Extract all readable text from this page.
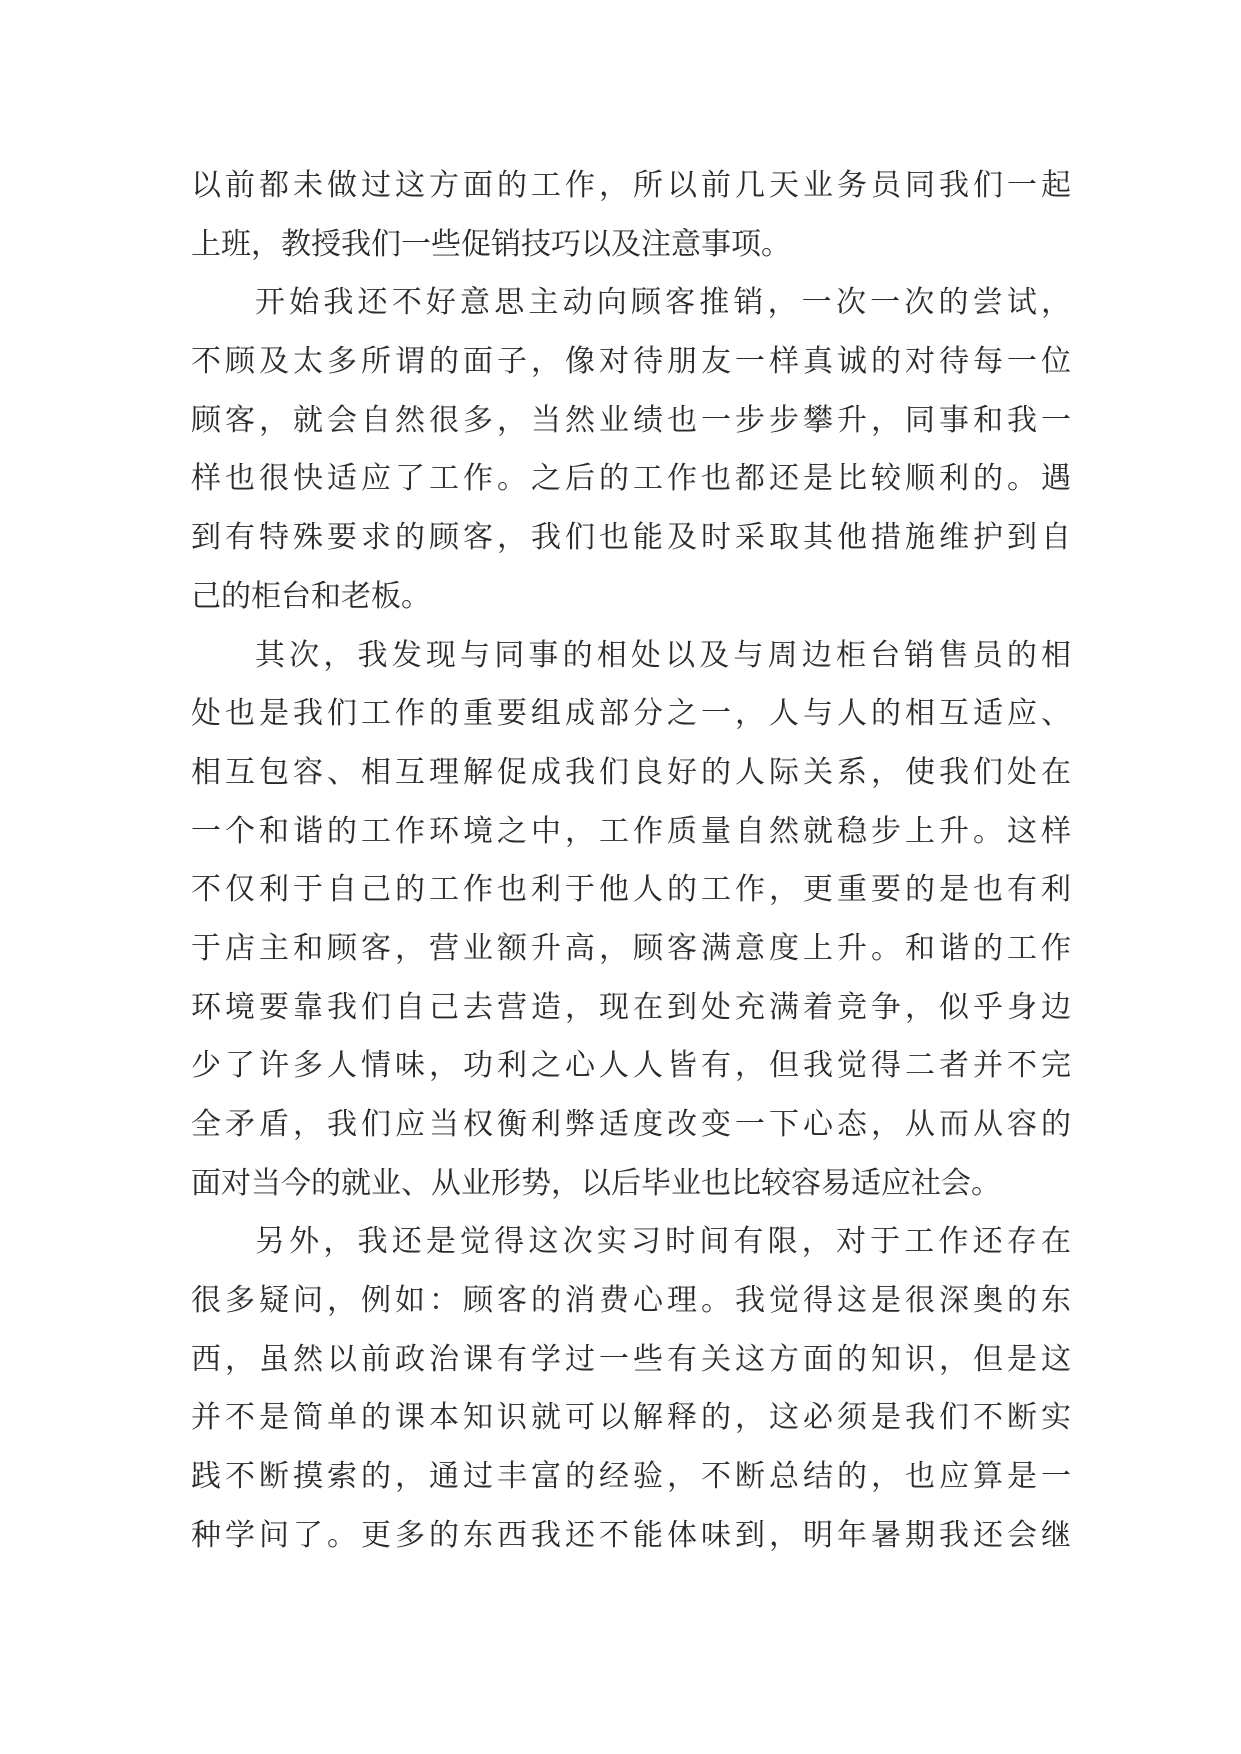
以前都未做过这方面的工作，所以前几天业务员同我们一起
上班，教授我们一些促销技巧以及注意事项。
开始我还不好意思主动向顾客推销，一次一次的尝试，
不顾及太多所谓的面子，像对待朋友一样真诚的对待每一位
顾客，就会自然很多，当然业绩也一步步攀升，同事和我一
样也很快适应了工作。之后的工作也都还是比较顺利的。遇
到有特殊要求的顾客，我们也能及时采取其他措施维护到自
己的柜台和老板。
其次，我发现与同事的相处以及与周边柜台销售员的相
处也是我们工作的重要组成部分之一，人与人的相互适应、
相互包容、相互理解促成我们良好的人际关系，使我们处在
一个和谐的工作环境之中，工作质量自然就稳步上升。这样
不仅利于自己的工作也利于他人的工作，更重要的是也有利
于店主和顾客，营业额升高，顾客满意度上升。和谐的工作
环境要靠我们自己去营造，现在到处充满着竞争，似乎身边
少了许多人情味，功利之心人人皆有，但我觉得二者并不完
全矛盾，我们应当权衡利弊适度改变一下心态，从而从容的
面对当今的就业、从业形势，以后毕业也比较容易适应社会。
另外，我还是觉得这次实习时间有限，对于工作还存在
很多疑问，例如：顾客的消费心理。我觉得这是很深奥的东
西，虽然以前政治课有学过一些有关这方面的知识，但是这
并不是简单的课本知识就可以解释的，这必须是我们不断实
践不断摸索的，通过丰富的经验，不断总结的，也应算是一
种学问了。更多的东西我还不能体味到，明年暑期我还会继
